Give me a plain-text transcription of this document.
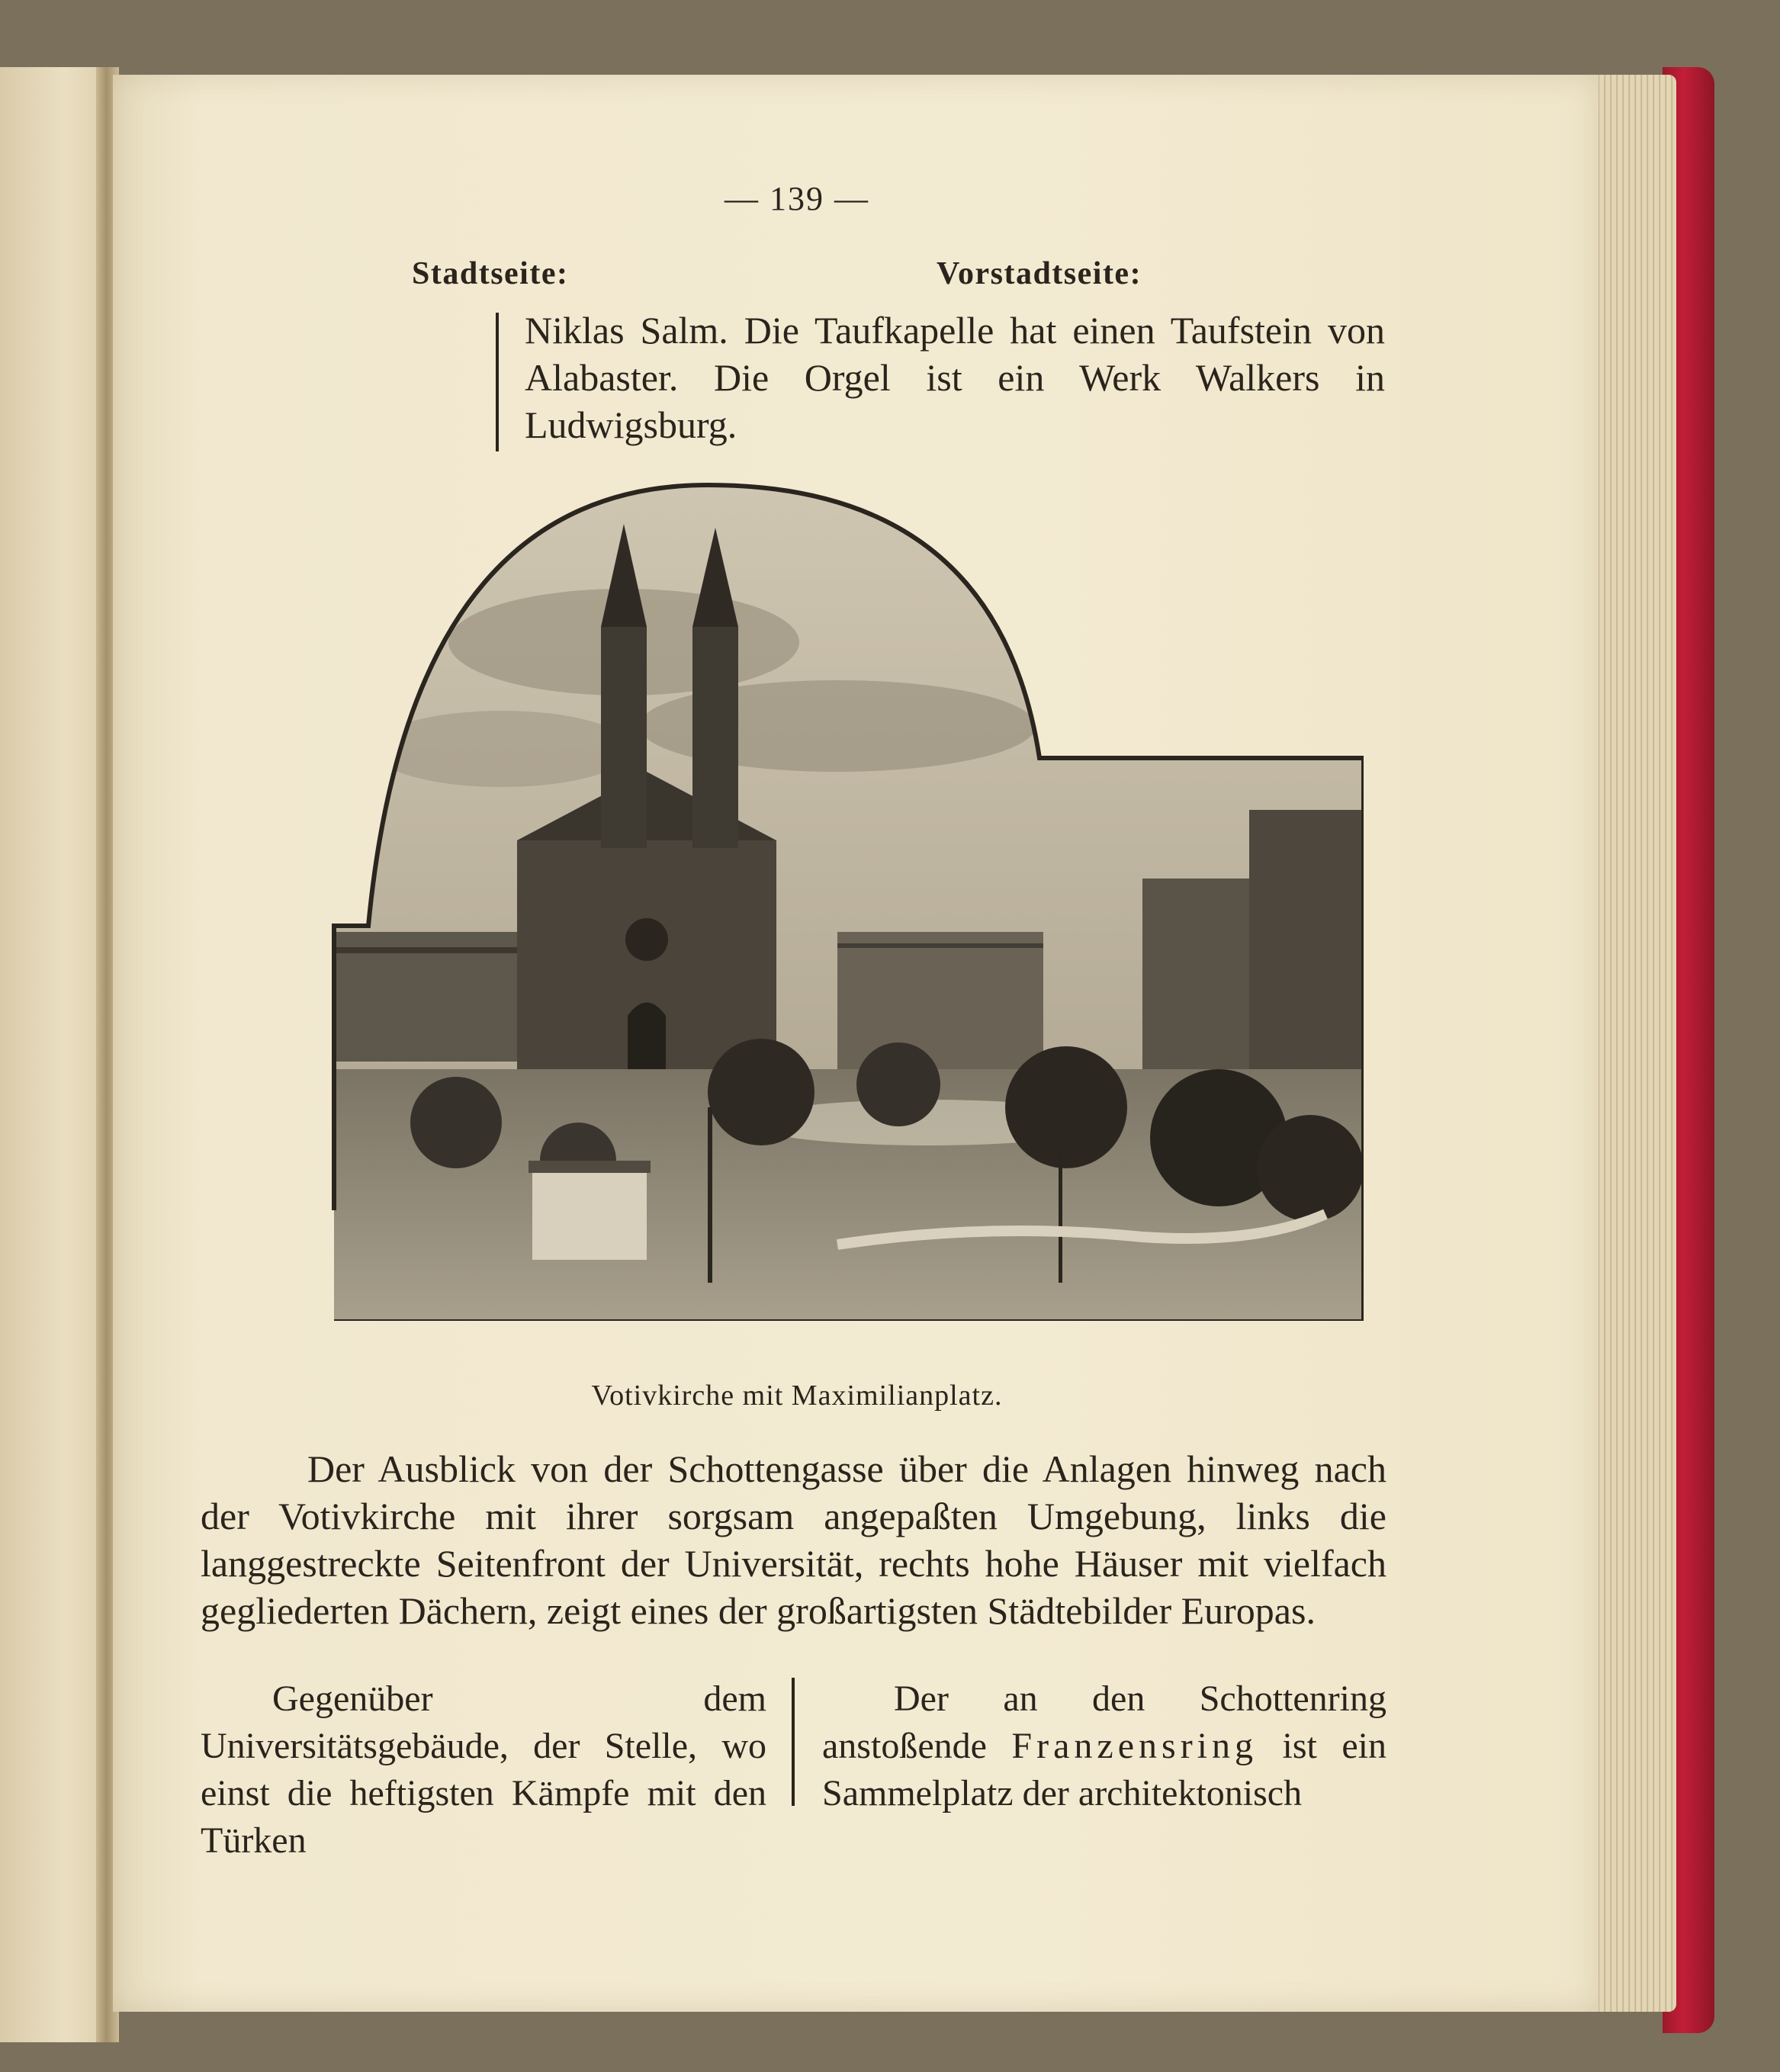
— 139 —
Stadtseite:	Vorstadtseite:

Niklas Salm. Die Taufkapelle hat einen Taufstein von Alabaster. Die Orgel ist ein Werk Walkers in Ludwigsburg.

Votivkirche mit Maximilianplatz.

Der Ausblick von der Schottengasse über die Anlagen hinweg nach der Votivkirche mit ihrer sorgsam angepaßten Umgebung, links die langgestreckte Seitenfront der Universität, rechts hohe Häuser mit vielfach gegliederten Dächern, zeigt eines der großartigsten Städtebilder Europas.

Gegenüber dem Universitätsgebäude, der Stelle, wo einst die heftigsten Kämpfe mit den Türken

Der an den Schottenring anstoßende Franzensring ist ein Sammelplatz der architektonisch
